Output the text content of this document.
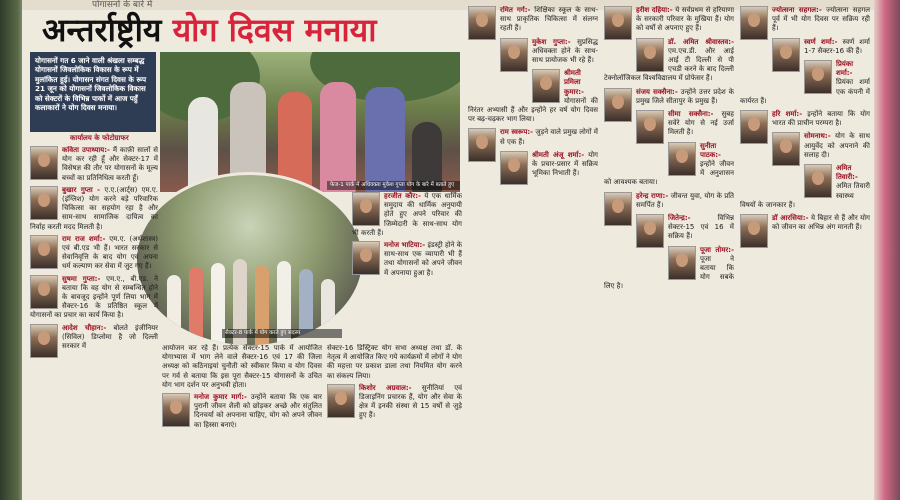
पोगासनों के बारे में
अन्तर्राष्ट्रीय योग दिवस मनाया
योगासनों गत 6 जाने वाली श्रंखला सम्बद्ध योगासनों जिवलोकिक विकास के रूप में मुलांकित हुई। योगासन संगत दिवस के रूप 21 जून को योगासनों जिवलोकिक विकास को सेक्टरों के विभिन्न पार्को में आज पहुँ कलाकारों ने योग दिवस मनाया।
कार्यालय के फोटोग्राफर
फेज-1 पार्क में अधिवक्ता मुकेश गुप्ता योग के बारे में बताते हुए
सैक्टर-8 पार्क में योग करते हुए सदस्य

कविता उपाध्याय:- मैं काफ़ी सालों से योग कर रही हूँ और सेक्टर-17 में विसेषज्ञ की तौर पर योगासनों के मूल्य बच्चों का प्रतिनिधित्व करती हूँ।

बुखार गुप्ता - ए.ए.(आर्ट्स) एम.ए. (इंग्लिश) योग करने बड़े परिवारिक चिकित्सा का सहयोग रहा है और साम-साथ सामाजिक दायित्व का निर्वाह करती मदद मिलती है।

राम राज शर्मा:- एम.ए. (अर्थशास्त्र) एवं बी.एड भी हैं। भारत सरकार से सेवानिवृत्ति के बाद योग एवं अपना धर्म कल्याण कर सेवा में जुट गए हैं।

सुषमा गुप्ता:- एम.ए., बी.एड. ने बताया कि वह योग से सम्बन्धित होने के बावजूद इन्होंने पूर्ण लिया भाग में सैक्टर-16 के प्रतिष्ठित स्कूल में योगासनों का प्रचार का कार्य किया है।

आदेश चौहान:- बोलते इंजीनियर (सिविल) डिप्लोमा है जो दिल्ली सरकार में

हरजीत कौर:- ये एक धार्मिक समुदाय की धार्मिक अनुयायी होते हुए अपने परिवार की जिम्मेदारी के साथ-साथ योग भी करती हैं।

मनोज भाटिया:- इंडस्ट्री होने के साथ-साथ एक व्यापारी भी हैं तथा योगासनों को अपने जीवन में अपनाया हुआ है।

आयोजन कर रहे हैं। प्रत्येक सेक्टर-15 पार्क में आयोजित योगाभ्यास में भाग लेने वाले सैक्टर-16 एवं 17 की जिला अध्यक्ष को कठिनाइयां चुनौती को स्वीकार किया व योग दिवस पर गर्व से बताया कि इस पूरा सैक्टर-15 योगासनों के उचित योग भाग दर्शन पर अनुभवी होता।

मनोज कुमार मार्ग:- उन्होंने बताया कि एक बार पुरानी जीवन शैली को छोड़कर अच्छे और संतुलित दिनचर्या को अपनाना चाहिए, योग को अपने जीवन का हिस्सा बनाएं।

सेक्टर-16 डिस्ट्रिक्ट योग सभा अध्यक्ष तथा डॉ. के नेतृत्व में आयोजित किए गये कार्यक्रमों में लोगों ने योग की महत्ता पर प्रकाश डाला तथा नियमित योग करने का संकल्प लिया।

किशोर अग्रवाल:- सुनीतियां एवं डिजाइनिंग प्रचारक हैं, योग और सेवा के क्षेत्र में इनकी संस्था से 15 वर्षों से जुड़े हुए हैं।

रमित गर्ग:- शिक्षिका स्कूल के साथ-साथ प्राकृतिक चिकित्सा में संलग्न रहती हैं।

मुकेश गुप्ता:- सुप्रसिद्ध अधिवक्ता होने के साथ-साथ प्रायोजक भी रहे हैं।

श्रीमती प्रमिला कुमार:- योगासनों की निरंतर अभ्यासी हैं और इन्होंने हर वर्ष योग दिवस पर बढ़-चढ़कर भाग लिया।

राम स्वरूप:- जुड़ने वाले प्रमुख लोगों में से एक हैं।

श्रीमती अंजू शर्मा:- योग के प्रचार-प्रसार में सक्रिय भूमिका निभाती हैं।

हरीश दहिया:- ये सर्वप्रथम से हरियाणा के सरकारी परिवार के मुखिया हैं। योग को वर्षों से अपनाए हुए हैं।

डॉ. अमित श्रीवास्तव:- एम.एच.डी. और आई आई टी दिल्ली से पी एचडी करने के बाद दिल्ली टेक्नोलॉजिकल विश्वविद्यालय में प्रोफेसर हैं।

संजय सक्सैना:- उन्होंने उत्तर प्रदेश के प्रमुख जिले सीतापुर के प्रमुख हैं।

सीमा सक्सैना:- सुबह सवेरे योग से नई उर्जा मिलती है।

सुनीता पाठक:- इन्होंने जीवन में अनुशासन को आवश्यक बताया।

हरेन्द्र राणा:- जीवन्त युवा, योग के प्रति समर्पित हैं।

जितेन्द्र:-	विभिन्न सेक्टर-15 एवं 16 में सक्रिय हैं।

पूजा तोमर:- पूजा ने बताया कि योग सबके लिए है।

ज्योत्सना सहगल:- ज्योत्सना सहगल पूर्व में भी योग दिवस पर सक्रिय रही हैं।

स्वर्ण शर्मा:- स्वर्ण शर्मा 1-7 सैक्टर-16 की हैं।

प्रियंका शर्मा:- प्रियंका शर्मा एक कंपनी में कार्यरत हैं।

हरि शर्मा:- इन्होंने बताया कि योग भारत की प्राचीन परम्परा है।

सोमनाथ:- योग के साथ आयुर्वेद को अपनाने की सलाह दी।

अमित तिवारी:- अमित तिवारी स्वास्थ्य विषयों के जानकार हैं।

डॉ आरसिया:- ये बिहार से हैं और योग को जीवन का अभिन्न अंग मानती हैं।
